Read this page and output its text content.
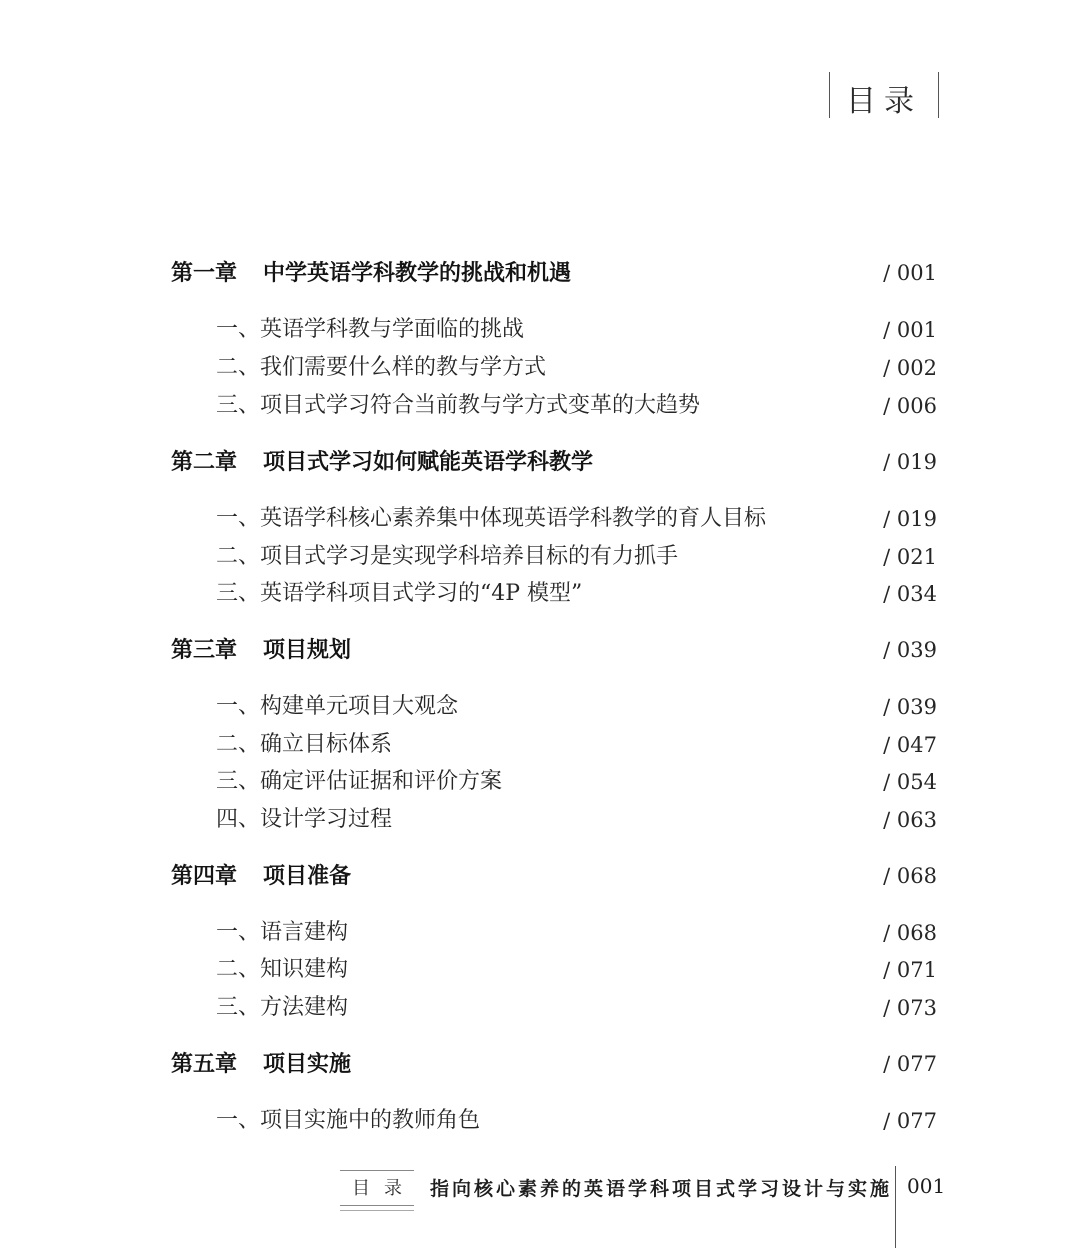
目录
第一章 中学英语学科教学的挑战和机遇	∕ 001
一、英语学科教与学面临的挑战	∕ 001
二、我们需要什么样的教与学方式	∕ 002
三、项目式学习符合当前教与学方式变革的大趋势	∕ 006
第二章 项目式学习如何赋能英语学科教学	∕ 019
一、英语学科核心素养集中体现英语学科教学的育人目标	∕ 019
二、项目式学习是实现学科培养目标的有力抓手	∕ 021
三、英语学科项目式学习的“4P 模型”	∕ 034
第三章 项目规划	∕ 039
一、构建单元项目大观念	∕ 039
二、确立目标体系	∕ 047
三、确定评估证据和评价方案	∕ 054
四、设计学习过程	∕ 063
第四章 项目准备	∕ 068
一、语言建构	∕ 068
二、知识建构	∕ 071
三、方法建构	∕ 073
第五章 项目实施	∕ 077
一、项目实施中的教师角色	∕ 077
目录 指向核心素养的英语学科项目式学习设计与实施 001
